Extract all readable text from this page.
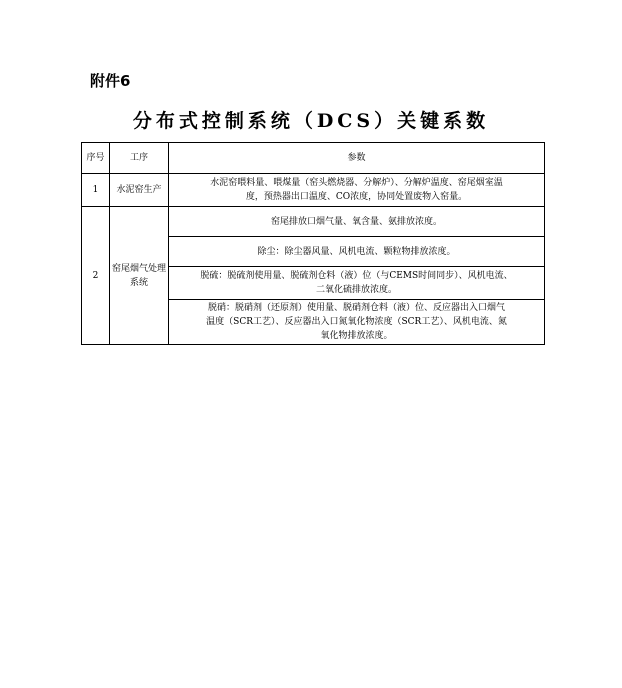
附件6
分布式控制系统（DCS）关键系数
序号	工序	参数
1	水泥窑生产	水泥窑喂料量、喂煤量（窑头燃烧器、分解炉）、分解炉温度、窑尾烟室温
度，预热器出口温度、CO浓度，协同处置废物入窑量。

2	窑尾烟气处理系统	窑尾排放口烟气量、氧含量、氨排放浓度。
		除尘：除尘器风量、风机电流、颗粒物排放浓度。

		脱硫：脱硫剂使用量、脱硫剂仓料（液）位（与CEMS时间同步）、风机电流、
二氧化硫排放浓度。

		脱硝：脱硝剂（还原剂）使用量、脱硝剂仓料（液）位、反应器出入口烟气
温度（SCR工艺）、反应器出入口氮氧化物浓度（SCR工艺）、风机电流、氮
氧化物排放浓度。
